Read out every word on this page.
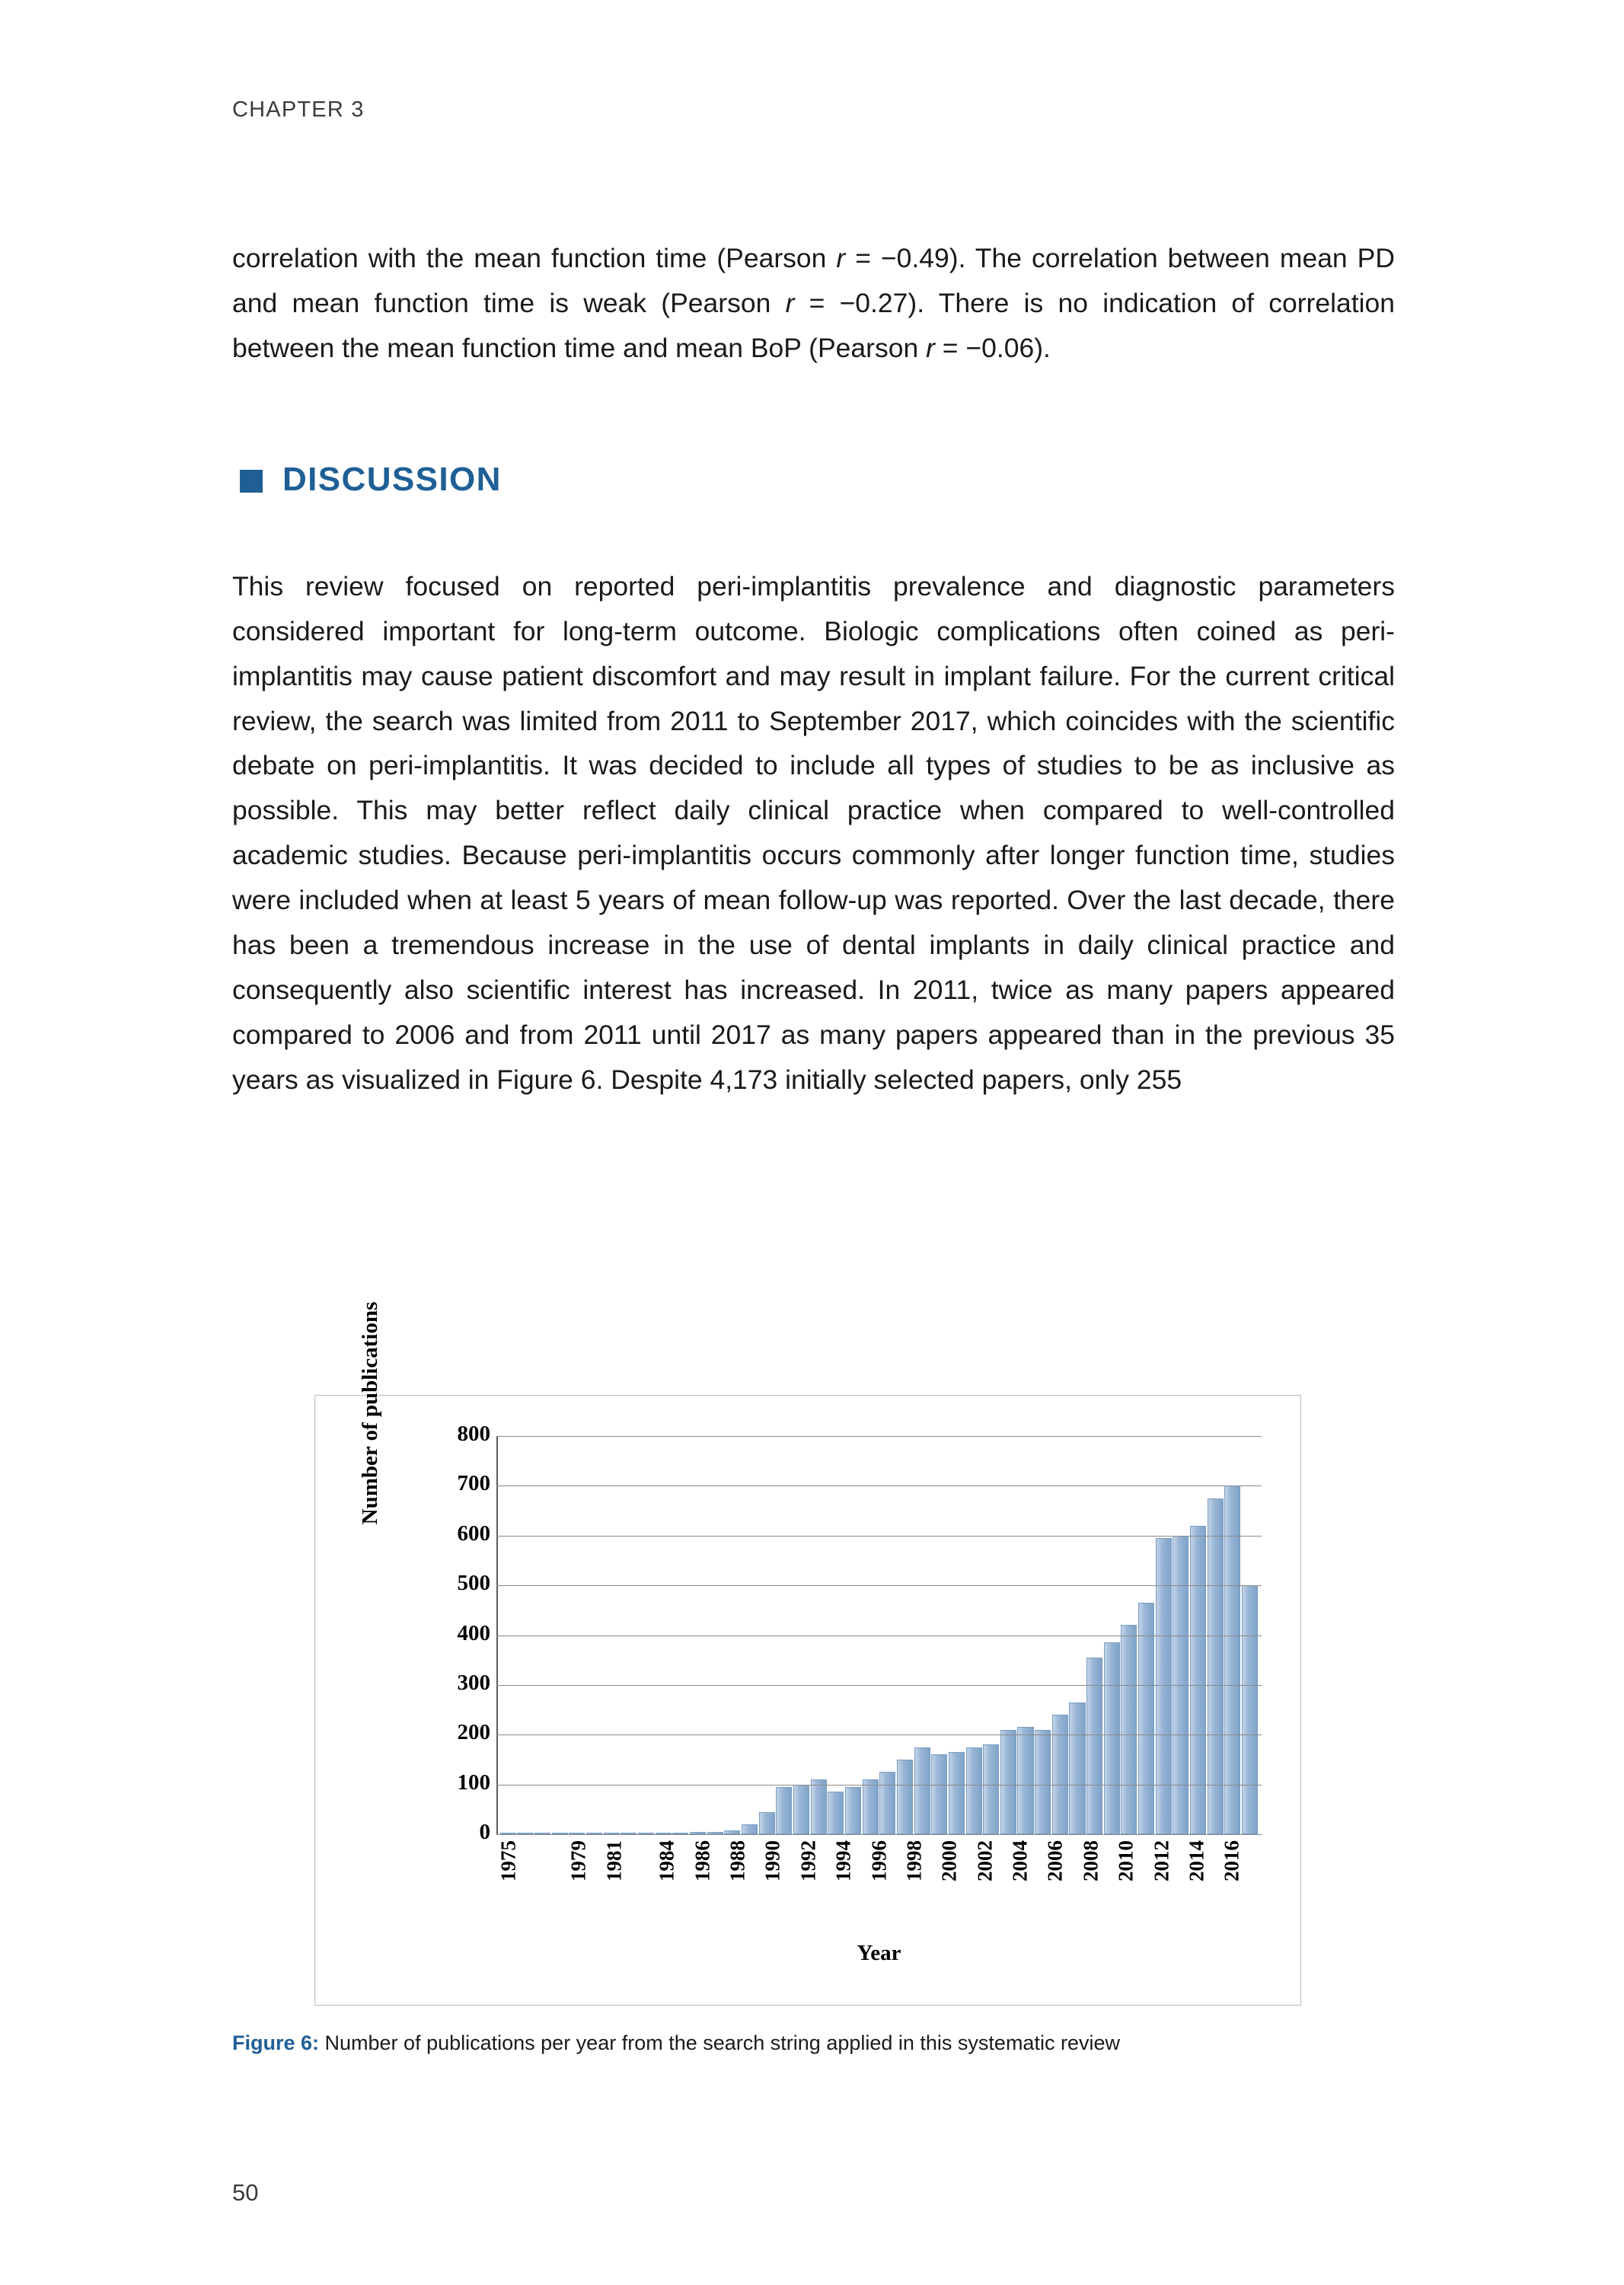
CHAPTER 3

correlation with the mean function time (Pearson r = −0.49). The correlation between mean PD and mean function time is weak (Pearson r = −0.27). There is no indication of correlation between the mean function time and mean BoP (Pearson r = −0.06).

DISCUSSION

This review focused on reported peri-implantitis prevalence and diagnostic parameters considered important for long-term outcome. Biologic complications often coined as peri-implantitis may cause patient discomfort and may result in implant failure. For the current critical review, the search was limited from 2011 to September 2017, which coincides with the scientific debate on peri-implantitis. It was decided to include all types of studies to be as inclusive as possible. This may better reflect daily clinical practice when compared to well-controlled academic studies. Because peri-implantitis occurs commonly after longer function time, studies were included when at least 5 years of mean follow-up was reported. Over the last decade, there has been a tremendous increase in the use of dental implants in daily clinical practice and consequently also scientific interest has increased. In 2011, twice as many papers appeared compared to 2006 and from 2011 until 2017 as many papers appeared than in the previous 35 years as visualized in Figure 6. Despite 4,173 initially selected papers, only 255

Number of publications	800
700
600
500
400
300
200
100
0
1975 1979 1981 1984 1986 1988 1990 1992 1994 1996 1998 2000 2002 2004 2006 2008 2010 2012 2014 2016
Year
Figure 6: Number of publications per year from the search string applied in this systematic review
50
